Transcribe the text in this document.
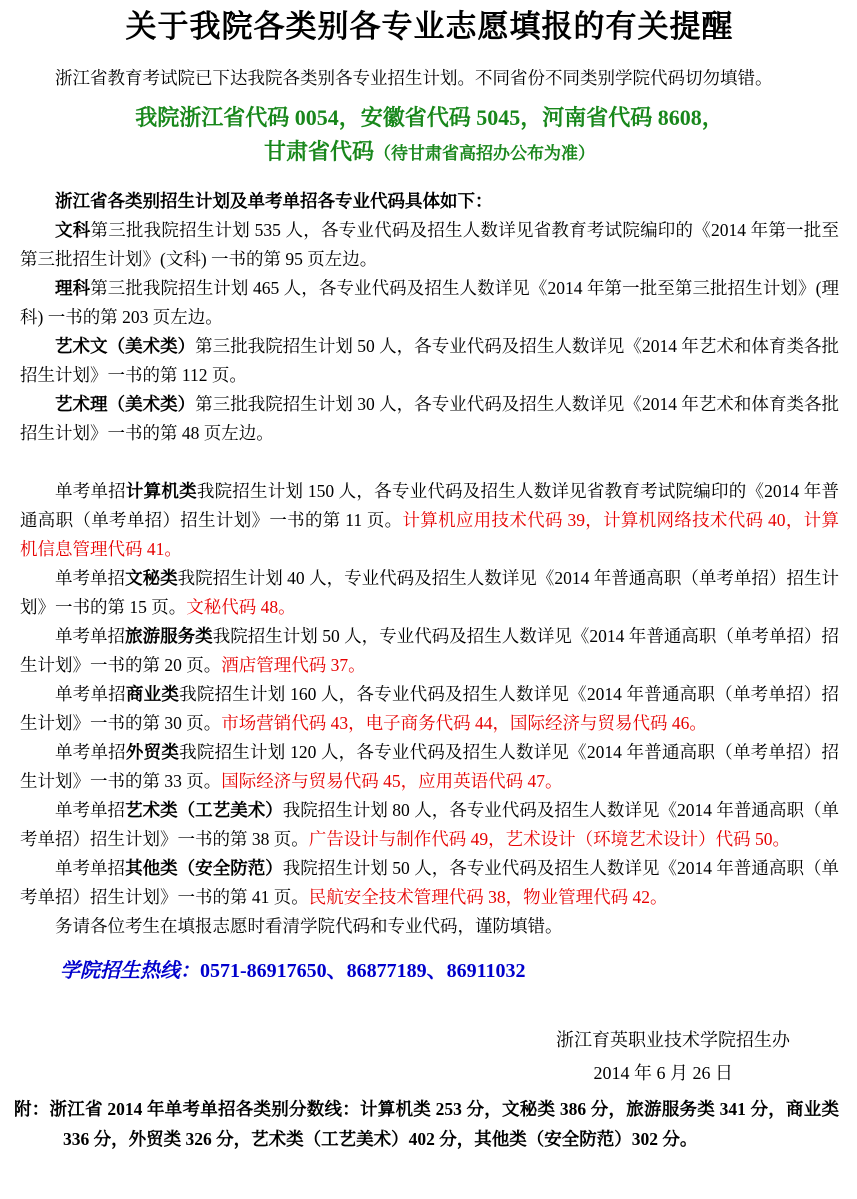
关于我院各类别各专业志愿填报的有关提醒

浙江省教育考试院已下达我院各类别各专业招生计划。不同省份不同类别学院代码切勿填错。

我院浙江省代码 0054，安徽省代码 5045，河南省代码 8608，
甘肃省代码（待甘肃省高招办公布为准）

浙江省各类别招生计划及单考单招各专业代码具体如下：

文科第三批我院招生计划 535 人，各专业代码及招生人数详见省教育考试院编印的《2014 年第一批至第三批招生计划》(文科) 一书的第 95 页左边。

理科第三批我院招生计划 465 人，各专业代码及招生人数详见《2014 年第一批至第三批招生计划》(理科) 一书的第 203 页左边。

艺术文（美术类）第三批我院招生计划 50 人，各专业代码及招生人数详见《2014 年艺术和体育类各批招生计划》一书的第 112 页。

艺术理（美术类）第三批我院招生计划 30 人，各专业代码及招生人数详见《2014 年艺术和体育类各批招生计划》一书的第 48 页左边。

单考单招计算机类我院招生计划 150 人，各专业代码及招生人数详见省教育考试院编印的《2014 年普通高职（单考单招）招生计划》一书的第 11 页。计算机应用技术代码 39，计算机网络技术代码 40，计算机信息管理代码 41。

单考单招文秘类我院招生计划 40 人，专业代码及招生人数详见《2014 年普通高职（单考单招）招生计划》一书的第 15 页。文秘代码 48。

单考单招旅游服务类我院招生计划 50 人，专业代码及招生人数详见《2014 年普通高职（单考单招）招生计划》一书的第 20 页。酒店管理代码 37。

单考单招商业类我院招生计划 160 人，各专业代码及招生人数详见《2014 年普通高职（单考单招）招生计划》一书的第 30 页。市场营销代码 43，电子商务代码 44，国际经济与贸易代码 46。

单考单招外贸类我院招生计划 120 人，各专业代码及招生人数详见《2014 年普通高职（单考单招）招生计划》一书的第 33 页。国际经济与贸易代码 45，应用英语代码 47。

单考单招艺术类（工艺美术）我院招生计划 80 人，各专业代码及招生人数详见《2014 年普通高职（单考单招）招生计划》一书的第 38 页。广告设计与制作代码 49，艺术设计（环境艺术设计）代码 50。

单考单招其他类（安全防范）我院招生计划 50 人，各专业代码及招生人数详见《2014 年普通高职（单考单招）招生计划》一书的第 41 页。民航安全技术管理代码 38，物业管理代码 42。

务请各位考生在填报志愿时看清学院代码和专业代码，谨防填错。

学院招生热线：0571-86917650、86877189、86911032

浙江育英职业技术学院招生办

2014 年 6 月 26 日

附：浙江省 2014 年单考单招各类别分数线：计算机类 253 分，文秘类 386 分，旅游服务类 341 分，商业类 336 分，外贸类 326 分，艺术类（工艺美术）402 分，其他类（安全防范）302 分。
